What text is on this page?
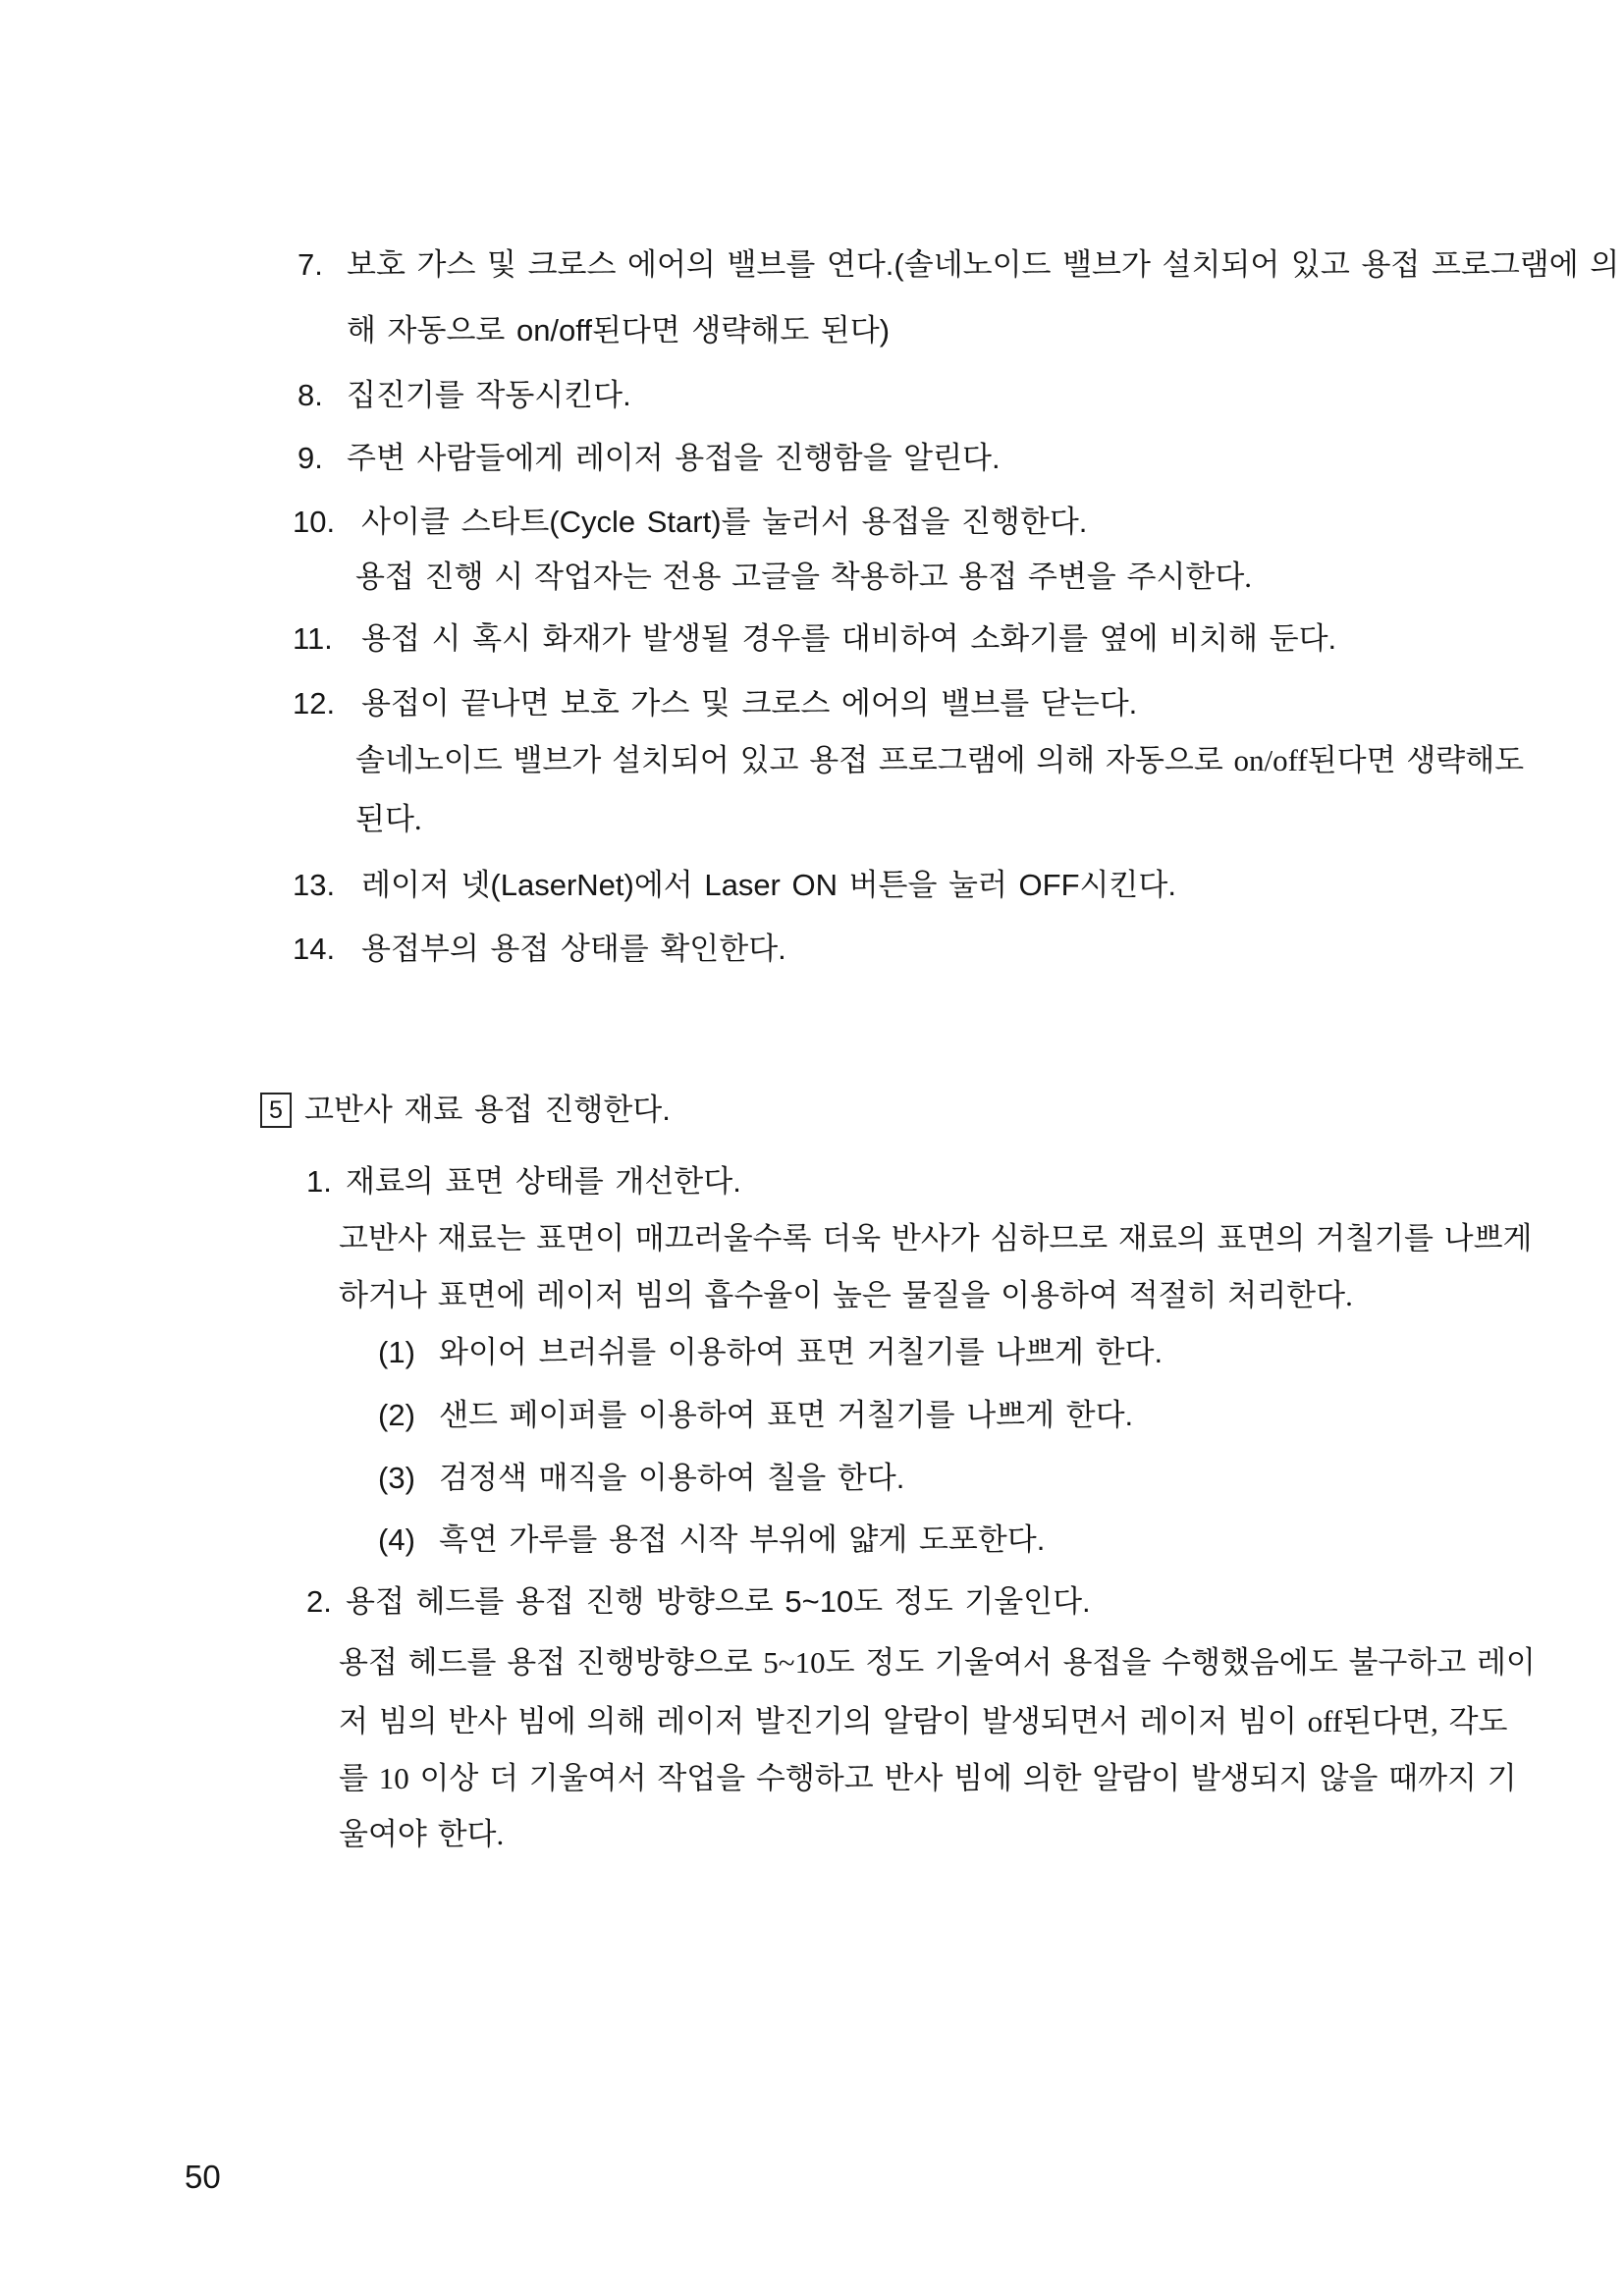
7. 보호 가스 및 크로스 에어의 밸브를 연다.(솔네노이드 밸브가 설치되어 있고 용접 프로그램에 의
해 자동으로 on/off된다면 생략해도 된다)
8. 집진기를 작동시킨다.
9. 주변 사람들에게 레이저 용접을 진행함을 알린다.
10. 사이클 스타트(Cycle Start)를 눌러서 용접을 진행한다.
용접 진행 시 작업자는 전용 고글을 착용하고 용접 주변을 주시한다.
11. 용접 시 혹시 화재가 발생될 경우를 대비하여 소화기를 옆에 비치해 둔다.
12. 용접이 끝나면 보호 가스 및 크로스 에어의 밸브를 닫는다.
솔네노이드 밸브가 설치되어 있고 용접 프로그램에 의해 자동으로 on/off된다면 생략해도
된다.
13. 레이저 넷(LaserNet)에서 Laser ON 버튼을 눌러 OFF시킨다.
14. 용접부의 용접 상태를 확인한다.
5 고반사 재료 용접 진행한다.
1. 재료의 표면 상태를 개선한다.
고반사 재료는 표면이 매끄러울수록 더욱 반사가 심하므로 재료의 표면의 거칠기를 나쁘게
하거나 표면에 레이저 빔의 흡수율이 높은 물질을 이용하여 적절히 처리한다.
(1) 와이어 브러쉬를 이용하여 표면 거칠기를 나쁘게 한다.
(2) 샌드 페이퍼를 이용하여 표면 거칠기를 나쁘게 한다.
(3) 검정색 매직을 이용하여 칠을 한다.
(4) 흑연 가루를 용접 시작 부위에 얇게 도포한다.
2. 용접 헤드를 용접 진행 방향으로 5~10도 정도 기울인다.
용접 헤드를 용접 진행방향으로 5~10도 정도 기울여서 용접을 수행했음에도 불구하고 레이
저 빔의 반사 빔에 의해 레이저 발진기의 알람이 발생되면서 레이저 빔이 off된다면, 각도
를 10 이상 더 기울여서 작업을 수행하고 반사 빔에 의한 알람이 발생되지 않을 때까지 기
울여야 한다.
50
